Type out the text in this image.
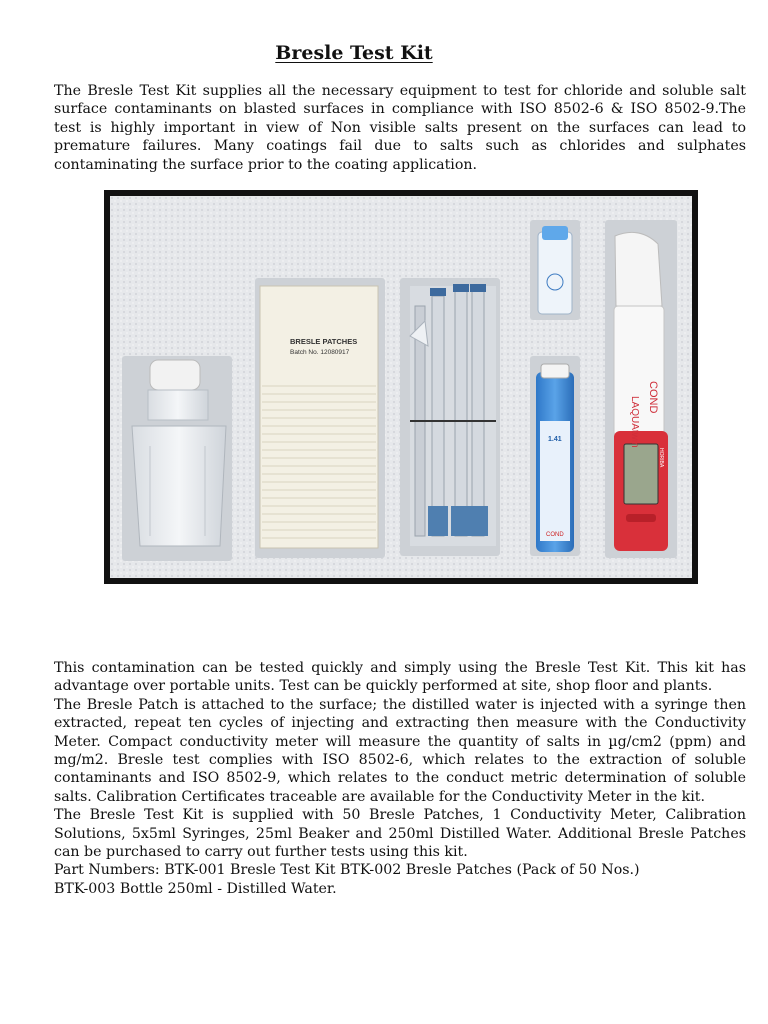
Bresle Test Kit

The Bresle Test Kit supplies all the necessary equipment to test for chloride and soluble salt surface contaminants on blasted surfaces in compliance with ISO 8502-6 & ISO 8502-9.The test is highly important in view of Non visible salts present on the surfaces can lead to premature failures. Many coatings fail due to salts such as chlorides and sulphates contaminating the surface prior to the coating application.

BRESLE PATCHES
Batch No. 12080917
1.41
COND
LAQUAtwin COND
HORIBA
This contamination can be tested quickly and simply using the Bresle Test Kit. This kit has advantage over portable units. Test can be quickly performed at site, shop floor and plants.
The Bresle Patch is attached to the surface; the distilled water is injected with a syringe then extracted, repeat ten cycles of injecting and extracting then measure with the Conductivity Meter. Compact conductivity meter will measure the quantity of salts in µg/cm2 (ppm) and mg/m2. Bresle test complies with ISO 8502-6, which relates to the extraction of soluble contaminants and ISO 8502-9, which relates to the conduct metric determination of soluble salts. Calibration Certificates traceable are available for the Conductivity Meter in the kit.
The Bresle Test Kit is supplied with 50 Bresle Patches, 1 Conductivity Meter, Calibration Solutions, 5x5ml Syringes, 25ml Beaker and 250ml Distilled Water. Additional Bresle Patches can be purchased to carry out further tests using this kit.
Part Numbers: BTK-001 Bresle Test Kit BTK-002 Bresle Patches (Pack of 50 Nos.)
BTK-003 Bottle 250ml - Distilled Water.
